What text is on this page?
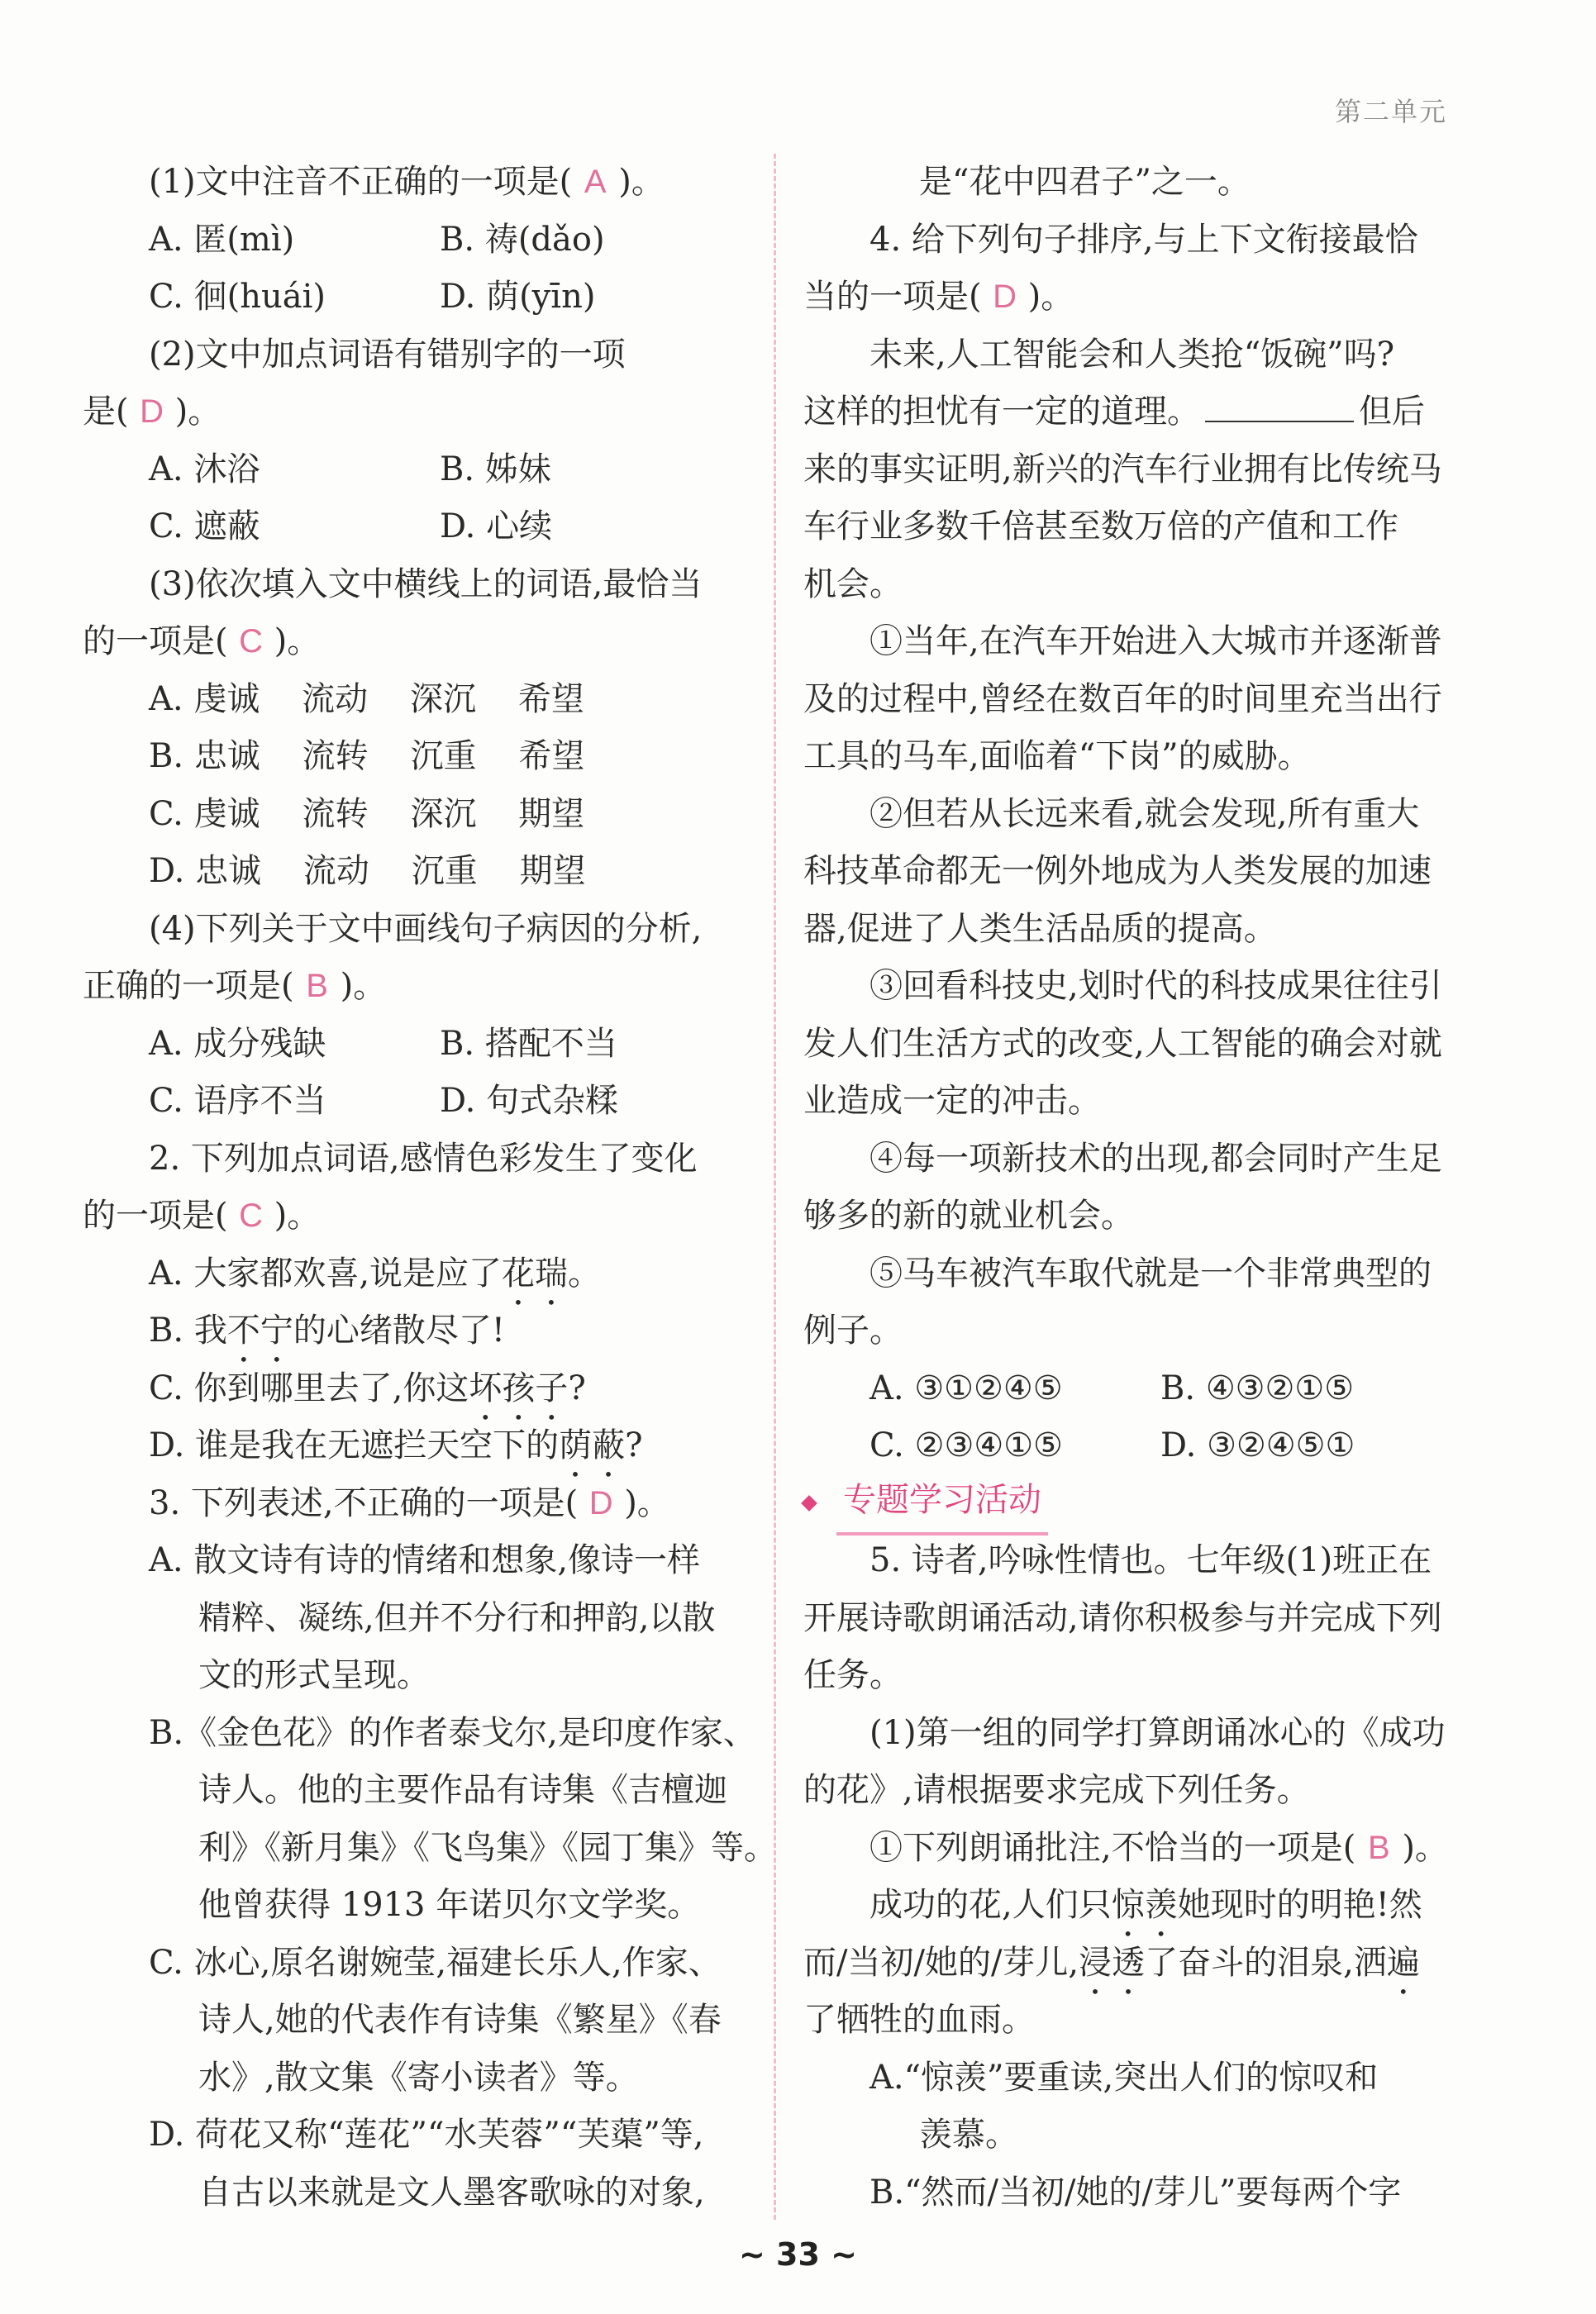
第二单元
(1)文中注音不正确的一项是( A )。
A. 匿(mì)	B. 祷(dǎo)
C. 徊(huái)	D. 荫(yīn)
(2)文中加点词语有错别字的一项
是( D )。
A. 沐浴	B. 姊妹
C. 遮蔽	D. 心续
(3)依次填入文中横线上的词语,最恰当
的一项是( C )。
A. 虔诚    流动    深沉    希望
B. 忠诚    流转    沉重    希望
C. 虔诚    流转    深沉    期望
D. 忠诚    流动    沉重    期望
(4)下列关于文中画线句子病因的分析,
正确的一项是( B )。
A. 成分残缺	B. 搭配不当
C. 语序不当	D. 句式杂糅
2. 下列加点词语,感情色彩发生了变化
的一项是( C )。
A. 大家都欢喜,说是应了花瑞。
B. 我不宁的心绪散尽了!
C. 你到哪里去了,你这坏孩子?
D. 谁是我在无遮拦天空下的荫蔽?
3. 下列表述,不正确的一项是( D )。
A. 散文诗有诗的情绪和想象,像诗一样
精粹、凝练,但并不分行和押韵,以散
文的形式呈现。
B.《金色花》的作者泰戈尔,是印度作家、
诗人。他的主要作品有诗集《吉檀迦
利》《新月集》《飞鸟集》《园丁集》等。
他曾获得 1913 年诺贝尔文学奖。
C. 冰心,原名谢婉莹,福建长乐人,作家、
诗人,她的代表作有诗集《繁星》《春
水》,散文集《寄小读者》等。
D. 荷花又称“莲花”“水芙蓉”“芙蕖”等,
自古以来就是文人墨客歌咏的对象,
是“花中四君子”之一。
4. 给下列句子排序,与上下文衔接最恰
当的一项是( D )。
未来,人工智能会和人类抢“饭碗”吗?
这样的担忧有一定的道理。	但后
来的事实证明,新兴的汽车行业拥有比传统马
车行业多数千倍甚至数万倍的产值和工作
机会。
①当年,在汽车开始进入大城市并逐渐普
及的过程中,曾经在数百年的时间里充当出行
工具的马车,面临着“下岗”的威胁。
②但若从长远来看,就会发现,所有重大
科技革命都无一例外地成为人类发展的加速
器,促进了人类生活品质的提高。
③回看科技史,划时代的科技成果往往引
发人们生活方式的改变,人工智能的确会对就
业造成一定的冲击。
④每一项新技术的出现,都会同时产生足
够多的新的就业机会。
⑤马车被汽车取代就是一个非常典型的
例子。
A. ③①②④⑤	B. ④③②①⑤
C. ②③④①⑤	D. ③②④⑤①
专题学习活动
5. 诗者,吟咏性情也。七年级(1)班正在
开展诗歌朗诵活动,请你积极参与并完成下列
任务。
(1)第一组的同学打算朗诵冰心的《成功
的花》,请根据要求完成下列任务。
①下列朗诵批注,不恰当的一项是( B )。
成功的花,人们只惊羡她现时的明艳!然
而/当初/她的/芽儿,浸透了奋斗的泪泉,洒遍
了牺牲的血雨。
A.“惊羡”要重读,突出人们的惊叹和
羡慕。
B.“然而/当初/她的/芽儿”要每两个字
~ 33 ~
